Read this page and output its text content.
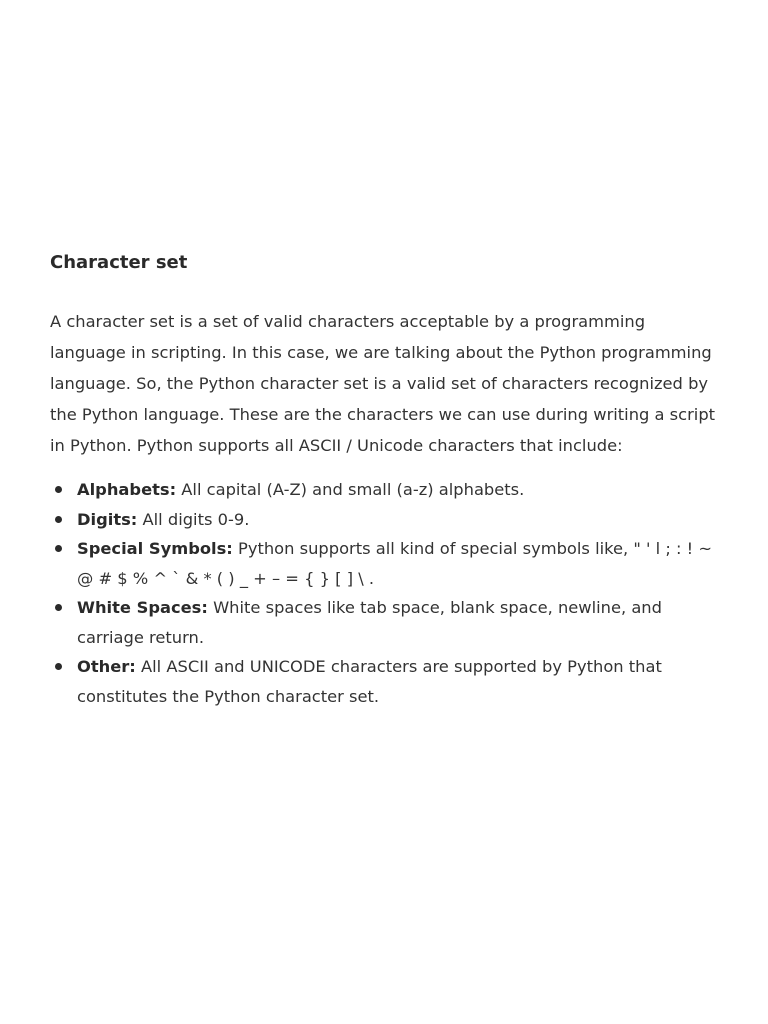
Character set

A character set is a set of valid characters acceptable by a programming language in scripting. In this case, we are talking about the Python programming language. So, the Python character set is a valid set of characters recognized by the Python language. These are the characters we can use during writing a script in Python. Python supports all ASCII / Unicode characters that include:

Alphabets: All capital (A-Z) and small (a-z) alphabets.
Digits: All digits 0-9.
Special Symbols: Python supports all kind of special symbols like, " ' l ; : ! ~ @ # $ % ^ ` & * ( ) _ + – = { } [ ] \ .
White Spaces: White spaces like tab space, blank space, newline, and carriage return.
Other: All ASCII and UNICODE characters are supported by Python that constitutes the Python character set.
